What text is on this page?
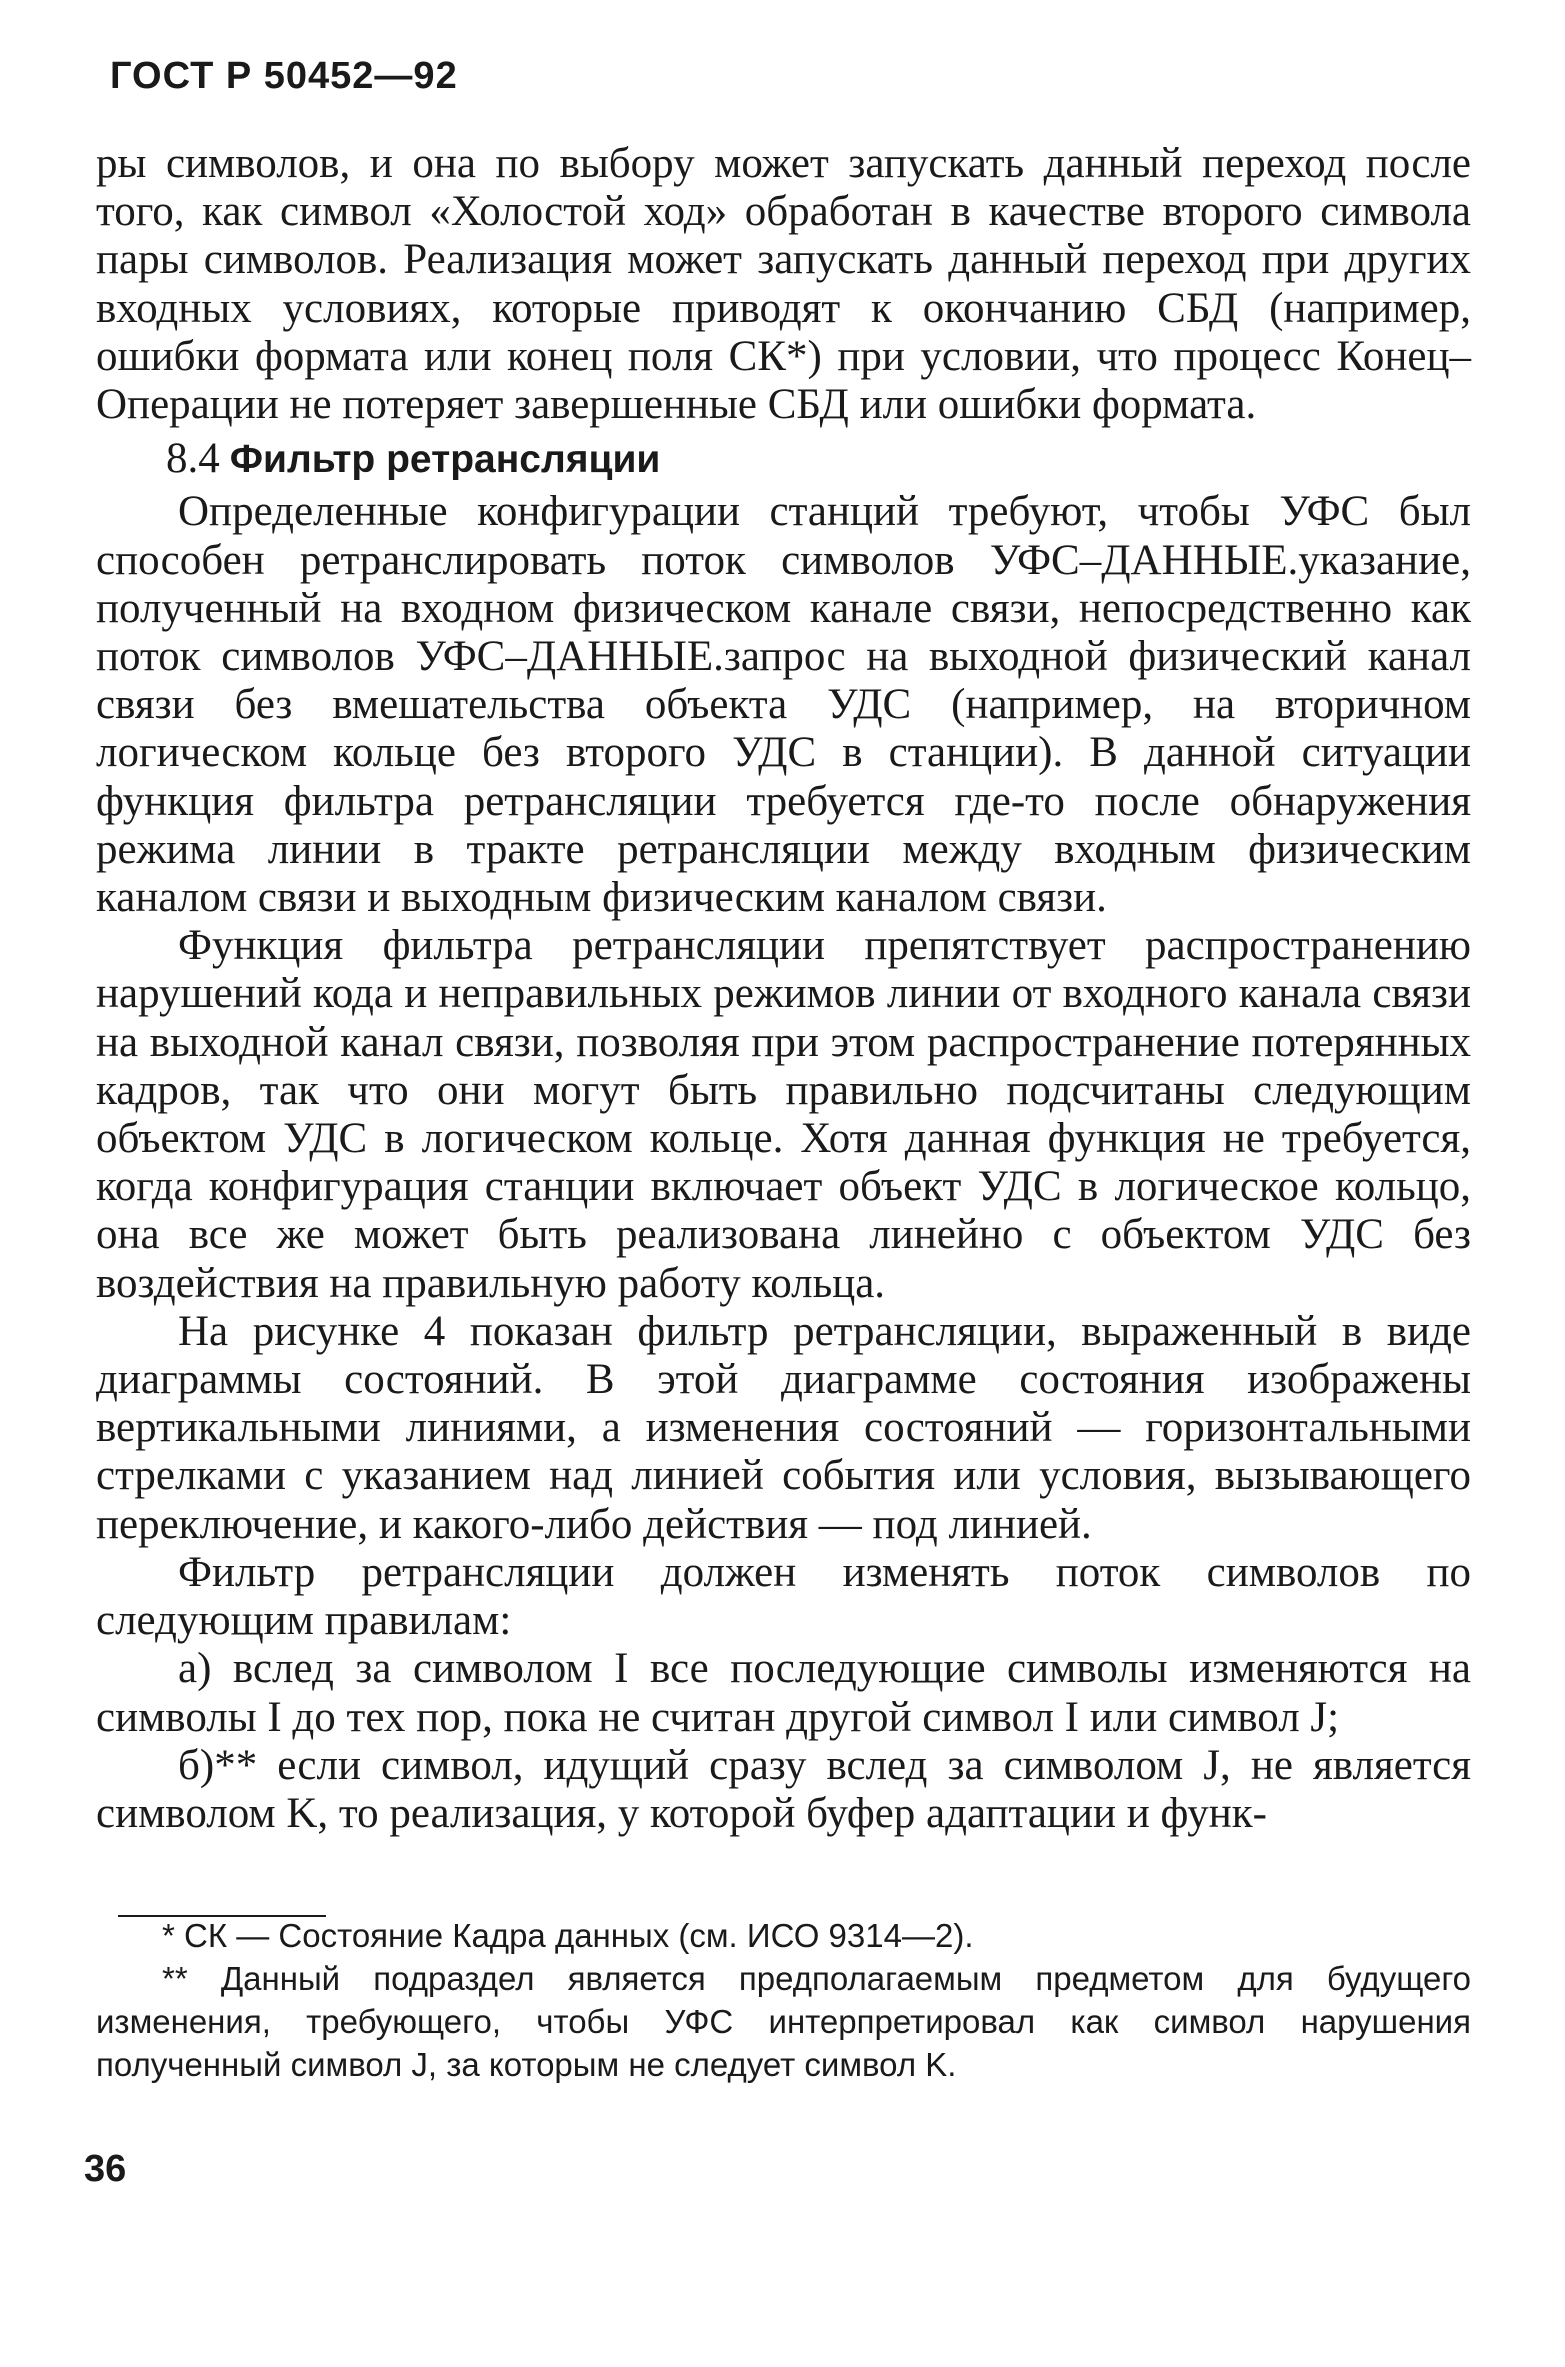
ГОСТ Р 50452—92

ры символов, и она по выбору может запускать данный переход после того, как символ «Холостой ход» обработан в качестве второго символа пары символов. Реализация может запускать данный переход при других входных условиях, которые приводят к окончанию СБД (например, ошибки формата или конец поля СК*) при условии, что процесс Конец–Операции не потеряет завершенные СБД или ошибки формата.

8.4 Фильтр ретрансляции

Определенные конфигурации станций требуют, чтобы УФС был способен ретранслировать поток символов УФС–ДАННЫЕ.указание, полученный на входном физическом канале связи, непосредственно как поток символов УФС–ДАННЫЕ.запрос на выходной физический канал связи без вмешательства объекта УДС (например, на вторичном логическом кольце без второго УДС в станции). В данной ситуации функция фильтра ретрансляции требуется где-то после обнаружения режима линии в тракте ретрансляции между входным физическим каналом связи и выходным физическим каналом связи.

Функция фильтра ретрансляции препятствует распространению нарушений кода и неправильных режимов линии от входного канала связи на выходной канал связи, позволяя при этом распространение потерянных кадров, так что они могут быть правильно подсчитаны следующим объектом УДС в логическом кольце. Хотя данная функция не требуется, когда конфигурация станции включает объект УДС в логическое кольцо, она все же может быть реализована линейно с объектом УДС без воздействия на правильную работу кольца.

На рисунке 4 показан фильтр ретрансляции, выраженный в виде диаграммы состояний. В этой диаграмме состояния изображены вертикальными линиями, а изменения состояний — горизонтальными стрелками с указанием над линией события или условия, вызывающего переключение, и какого-либо действия — под линией.

Фильтр ретрансляции должен изменять поток символов по следующим правилам:

а) вслед за символом I все последующие символы изменяются на символы I до тех пор, пока не считан другой символ I или символ J;

б)** если символ, идущий сразу вслед за символом J, не является символом K, то реализация, у которой буфер адаптации и функ-

* СК — Состояние Кадра данных (см. ИСО 9314—2).

** Данный подраздел является предполагаемым предметом для будущего изменения, требующего, чтобы УФС интерпретировал как символ нарушения полученный символ J, за которым не следует символ K.

36
